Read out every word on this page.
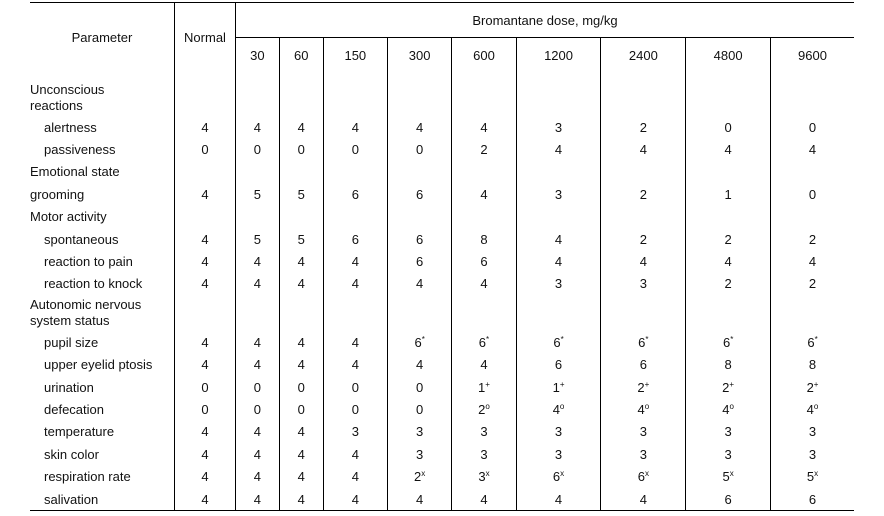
Parameter	Normal	Bromantane dose, mg/kg								
		30	60	150	300	600	1200	2400	4800	9600
Unconscious reactions										
alertness	4	4	4	4	4	4	3	2	0	0
passiveness	0	0	0	0	0	2	4	4	4	4
Emotional state										
grooming	4	5	5	6	6	4	3	2	1	0
Motor activity										
spontaneous	4	5	5	6	6	8	4	2	2	2
reaction to pain	4	4	4	4	6	6	4	4	4	4
reaction to knock	4	4	4	4	4	4	3	3	2	2
Autonomic nervous system status										
pupil size	4	4	4	4	6*	6*	6*	6*	6*	6*
upper eyelid ptosis	4	4	4	4	4	4	6	6	8	8
urination	0	0	0	0	0	1+	1+	2+	2+	2+
defecation	0	0	0	0	0	2$^o$	4$^o$	4$^o$	4$^o$	4$^o$
temperature	4	4	4	3	3	3	3	3	3	3
skin color	4	4	4	4	3	3	3	3	3	3
respiration rate	4	4	4	4	2$^x$	3$^x$	6$^x$	6$^x$	5$^x$	5$^x$
salivation	4	4	4	4	4	4	4	4	6	6
